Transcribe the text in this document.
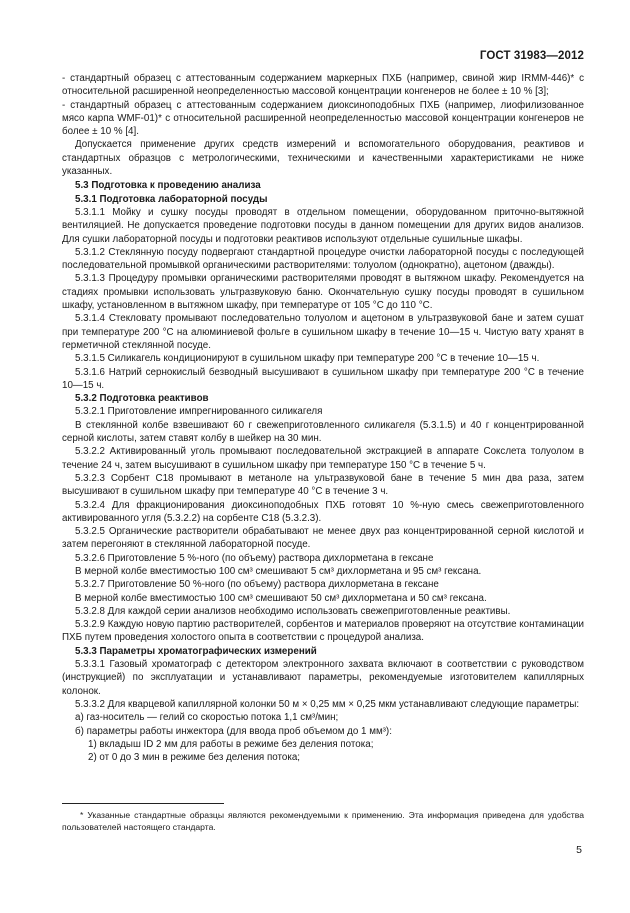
ГОСТ 31983—2012

- стандартный образец с аттестованным содержанием маркерных ПХБ (например, свиной жир IRMM-446)* с относительной расширенной неопределенностью массовой концентрации конгенеров не более ± 10 % [3];

- стандартный образец с аттестованным содержанием диоксиноподобных ПХБ (например, лиофилизованное мясо карпа WMF-01)* с относительной расширенной неопределенностью массовой концентрации конгенеров не более ± 10 % [4].

Допускается применение других средств измерений и вспомогательного оборудования, реактивов и стандартных образцов с метрологическими, техническими и качественными характеристиками не ниже указанных.

5.3 Подготовка к проведению анализа

5.3.1 Подготовка лабораторной посуды

5.3.1.1 Мойку и сушку посуды проводят в отдельном помещении, оборудованном приточно-вытяжной вентиляцией. Не допускается проведение подготовки посуды в данном помещении для других видов анализов. Для сушки лабораторной посуды и подготовки реактивов используют отдельные сушильные шкафы.

5.3.1.2 Стеклянную посуду подвергают стандартной процедуре очистки лабораторной посуды с последующей последовательной промывкой органическими растворителями: толуолом (однократно), ацетоном (дважды).

5.3.1.3 Процедуру промывки органическими растворителями проводят в вытяжном шкафу. Рекомендуется на стадиях промывки использовать ультразвуковую баню. Окончательную сушку посуды проводят в сушильном шкафу, установленном в вытяжном шкафу, при температуре от 105 °С до 110 °С.

5.3.1.4 Стекловату промывают последовательно толуолом и ацетоном в ультразвуковой бане и затем сушат при температуре 200 °С на алюминиевой фольге в сушильном шкафу в течение 10—15 ч. Чистую вату хранят в герметичной стеклянной посуде.

5.3.1.5 Силикагель кондиционируют в сушильном шкафу при температуре 200 °С в течение 10—15 ч.

5.3.1.6 Натрий сернокислый безводный высушивают в сушильном шкафу при температуре 200 °С в течение 10—15 ч.

5.3.2 Подготовка реактивов

5.3.2.1 Приготовление импрегнированного силикагеля

В стеклянной колбе взвешивают 60 г свежеприготовленного силикагеля (5.3.1.5) и 40 г концентрированной серной кислоты, затем ставят колбу в шейкер на 30 мин.

5.3.2.2 Активированный уголь промывают последовательной экстракцией в аппарате Сокслета толуолом в течение 24 ч, затем высушивают в сушильном шкафу при температуре 150 °С в течение 5 ч.

5.3.2.3 Сорбент С18 промывают в метаноле на ультразвуковой бане в течение 5 мин два раза, затем высушивают в сушильном шкафу при температуре 40 °С в течение 3 ч.

5.3.2.4 Для фракционирования диоксиноподобных ПХБ готовят 10 %-ную смесь свежеприготовленного активированного угля (5.3.2.2) на сорбенте С18 (5.3.2.3).

5.3.2.5 Органические растворители обрабатывают не менее двух раз концентрированной серной кислотой и затем перегоняют в стеклянной лабораторной посуде.

5.3.2.6 Приготовление 5 %-ного (по объему) раствора дихлорметана в гексане

В мерной колбе вместимостью 100 см³ смешивают 5 см³ дихлорметана и 95 см³ гексана.

5.3.2.7 Приготовление 50 %-ного (по объему) раствора дихлорметана в гексане

В мерной колбе вместимостью 100 см³ смешивают 50 см³ дихлорметана и 50 см³ гексана.

5.3.2.8 Для каждой серии анализов необходимо использовать свежеприготовленные реактивы.

5.3.2.9 Каждую новую партию растворителей, сорбентов и материалов проверяют на отсутствие контаминации ПХБ путем проведения холостого опыта в соответствии с процедурой анализа.

5.3.3 Параметры хроматографических измерений

5.3.3.1 Газовый хроматограф с детектором электронного захвата включают в соответствии с руководством (инструкцией) по эксплуатации и устанавливают параметры, рекомендуемые изготовителем капиллярных колонок.

5.3.3.2 Для кварцевой капиллярной колонки 50 м × 0,25 мм × 0,25 мкм устанавливают следующие параметры:

а) газ-носитель — гелий со скоростью потока 1,1 см³/мин;

б) параметры работы инжектора (для ввода проб объемом до 1 мм³):

1) вкладыш ID 2 мм для работы в режиме без деления потока;

2) от 0 до 3 мин в режиме без деления потока;

* Указанные стандартные образцы являются рекомендуемыми к применению. Эта информация приведена для удобства пользователей настоящего стандарта.
5
